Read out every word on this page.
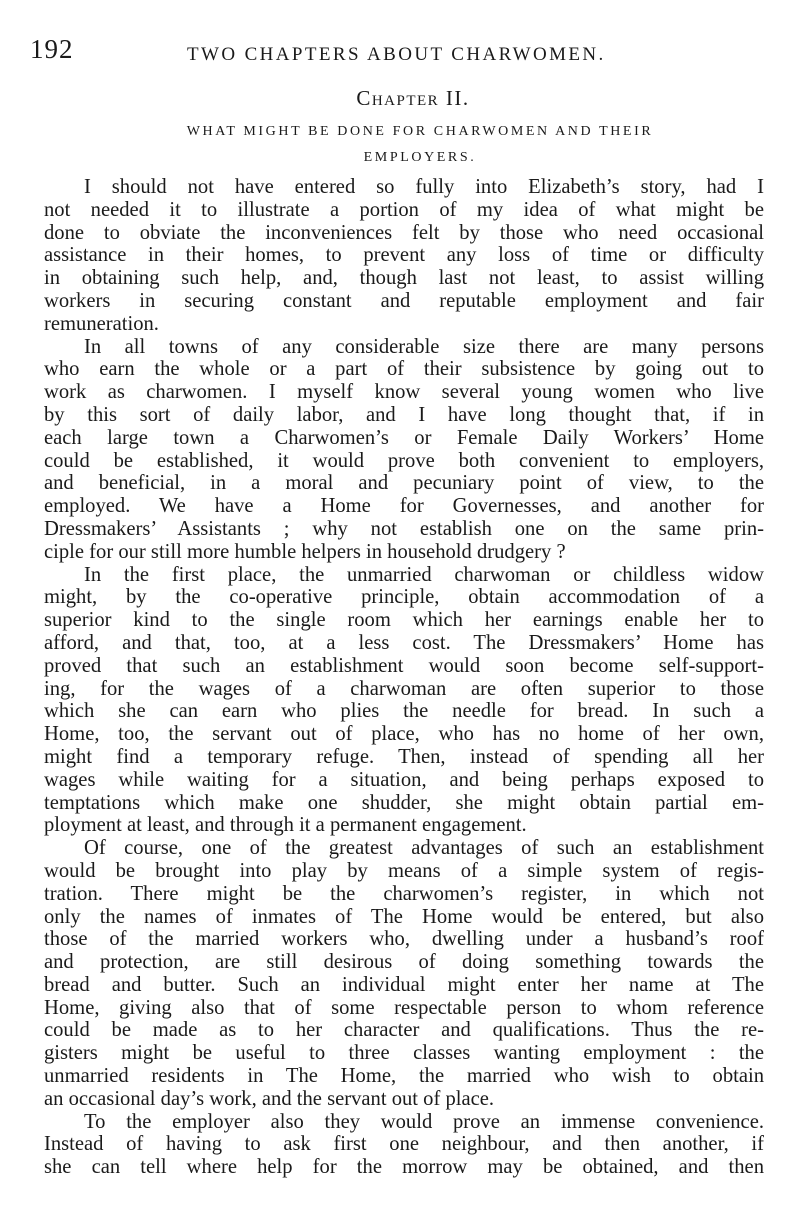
192	TWO CHAPTERS ABOUT CHARWOMEN.
Chapter II.
WHAT MIGHT BE DONE FOR CHARWOMEN AND THEIR
EMPLOYERS.
I should not have entered so fully into Elizabeth’s story, had I
not needed it to illustrate a portion of my idea of what might be
done to obviate the inconveniences felt by those who need occasional
assistance in their homes, to prevent any loss of time or difficulty
in obtaining such help, and, though last not least, to assist willing
workers in securing constant and reputable employment and fair
remuneration.
In all towns of any considerable size there are many persons
who earn the whole or a part of their subsistence by going out to
work as charwomen. I myself know several young women who live
by this sort of daily labor, and I have long thought that, if in
each large town a Charwomen’s or Female Daily Workers’ Home
could be established, it would prove both convenient to employers,
and beneficial, in a moral and pecuniary point of view, to the
employed. We have a Home for Governesses, and another for
Dressmakers’ Assistants ; why not establish one on the same prin-
ciple for our still more humble helpers in household drudgery ?
In the first place, the unmarried charwoman or childless widow
might, by the co-operative principle, obtain accommodation of a
superior kind to the single room which her earnings enable her to
afford, and that, too, at a less cost. The Dressmakers’ Home has
proved that such an establishment would soon become self-support-
ing, for the wages of a charwoman are often superior to those
which she can earn who plies the needle for bread. In such a
Home, too, the servant out of place, who has no home of her own,
might find a temporary refuge. Then, instead of spending all her
wages while waiting for a situation, and being perhaps exposed to
temptations which make one shudder, she might obtain partial em-
ployment at least, and through it a permanent engagement.
Of course, one of the greatest advantages of such an establishment
would be brought into play by means of a simple system of regis-
tration. There might be the charwomen’s register, in which not
only the names of inmates of The Home would be entered, but also
those of the married workers who, dwelling under a husband’s roof
and protection, are still desirous of doing something towards the
bread and butter. Such an individual might enter her name at The
Home, giving also that of some respectable person to whom reference
could be made as to her character and qualifications. Thus the re-
gisters might be useful to three classes wanting employment : the
unmarried residents in The Home, the married who wish to obtain
an occasional day’s work, and the servant out of place.
To the employer also they would prove an immense convenience.
Instead of having to ask first one neighbour, and then another, if
she can tell where help for the morrow may be obtained, and then
